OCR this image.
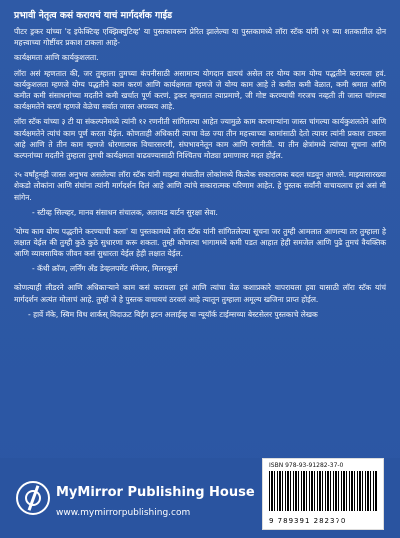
प्रभावी नेतृत्व कसं करायचं याचं मार्गदर्शक गाईड

पीटर ड्रकर यांच्या 'द इफेक्टिव्ह एक्झिक्युटिव्ह' या पुस्तकावरून प्रेरित झालेल्या या पुस्तकामध्ये लॉरा स्टॅक यांनी २१ व्या शतकातील दोन महत्त्वाच्या गोष्टींवर प्रकाश टाकला आहे-

कार्यक्षमता आणि कार्यकुशलता.

लॉरा असं म्हणतात की, जर तुम्हाला तुमच्या कंपनीसाठी असामान्य योगदान द्यायचं असेल तर योग्य काम योग्य पद्धतीने करायला हवं. कार्यकुशलता म्हणजे योग्य पद्धतीने काम करणं आणि कार्यक्षमता म्हणजे जे योग्य काम आहे ते कमीत कमी वेळात, कमी श्रमात आणि कमीत कमी संसाधनांच्या मदतीने कमी खर्चात पूर्ण करणं. ड्रकर म्हणतात त्याप्रमाणे, जी गोष्ट करण्याची गरजच नव्हती ती जास्त चांगल्या कार्यक्षमतेने करणं म्हणजे वेळेचा सर्वात जास्त अपव्यय आहे.

लॉरा स्टॅक यांच्या ३ टी या संकल्पनेमध्ये त्यांनी १२ रणनीती सांगितल्या आहेत ज्यामुळे काम करणाऱ्यांना जास्त चांगल्या कार्यकुशलतेने आणि कार्यक्षमतेने त्यांचं काम पूर्ण करता येईल. कोणताही अधिकारी त्याचा वेळ ज्या तीन महत्त्वाच्या कामांसाठी देतो त्यावर त्यांनी प्रकाश टाकला आहे आणि ते तीन काम म्हणजे धोरणात्मक विचारसरणी, संघभावनेतून काम आणि रणनीती. या तीन क्षेत्रांमध्ये त्यांच्या सूचना आणि कल्पनांच्या मदतीने तुम्हाला तुमची कार्यक्षमता वाढवण्यासाठी निश्चितच मोठ्या प्रमाणावर मदत होईल.

२५ वर्षांहूनही जास्त अनुभव असलेल्या लॉरा स्टॅक यांनी माझ्या संघातील लोकांमध्ये कित्येक सकारात्मक बदल घडवून आणले. माझ्यासारख्या शेकडो लोकांना आणि संघांना त्यांनी मार्गदर्शन दिलं आहे आणि त्यांचे सकारात्मक परिणाम आहेत. हे पुस्तक सर्वांनी वाचायलाच हवं असं मी सांगेन.

- स्टीव्ह सिल्व्हर, मानव संसाधन संचालक, अलायड बार्टन सुरक्षा सेवा.

'योग्य काम योग्य पद्धतीने करण्याची कला' या पुस्तकामध्ये लॉरा स्टॅक यांनी सांगितलेल्या सूचना जर तुम्ही आमलात आणल्या तर तुम्हाला हे लक्षात येईल की तुम्ही कुठे कुठे सुधारणा करू शकता. तुम्ही कोणत्या भागामध्ये कमी पडत आहात हेही समजेल आणि पुढे तुमचं वैयक्तिक आणि व्यावसायिक जीवन कसं सुधारता येईल हेही लक्षात येईल.

- कॅथी क्रॉज, लर्निंग ॲंड डेव्हलपमेंट मॅनेजर, मिलरकूर्स

कोणत्याही लीडरने आणि अधिकाऱ्याने काम कसं करायला हवं आणि त्यांचा वेळ कशाप्रकारे वापरायला हवा यासाठी लॉरा स्टॅक यांचं मार्गदर्शन अत्यंत मोलाचं आहे. तुम्ही जे हे पुस्तक वाचायचं ठरवलं आहे त्यातून तुम्हाला अमूल्य खजिना प्राप्त होईल.

- हार्वे मॅके, स्विम विथ शार्कस् विदाऊट बिईंग इटन अलाईव्ह या न्यूयॉर्क टाईम्सच्या बेस्टसेलर पुस्तकाचे लेखक
MyMirror Publishing House
www.mymirrorpublishing.com
ISBN 978-93-91282-37-0
9 789391 282370
₹ 250/-
